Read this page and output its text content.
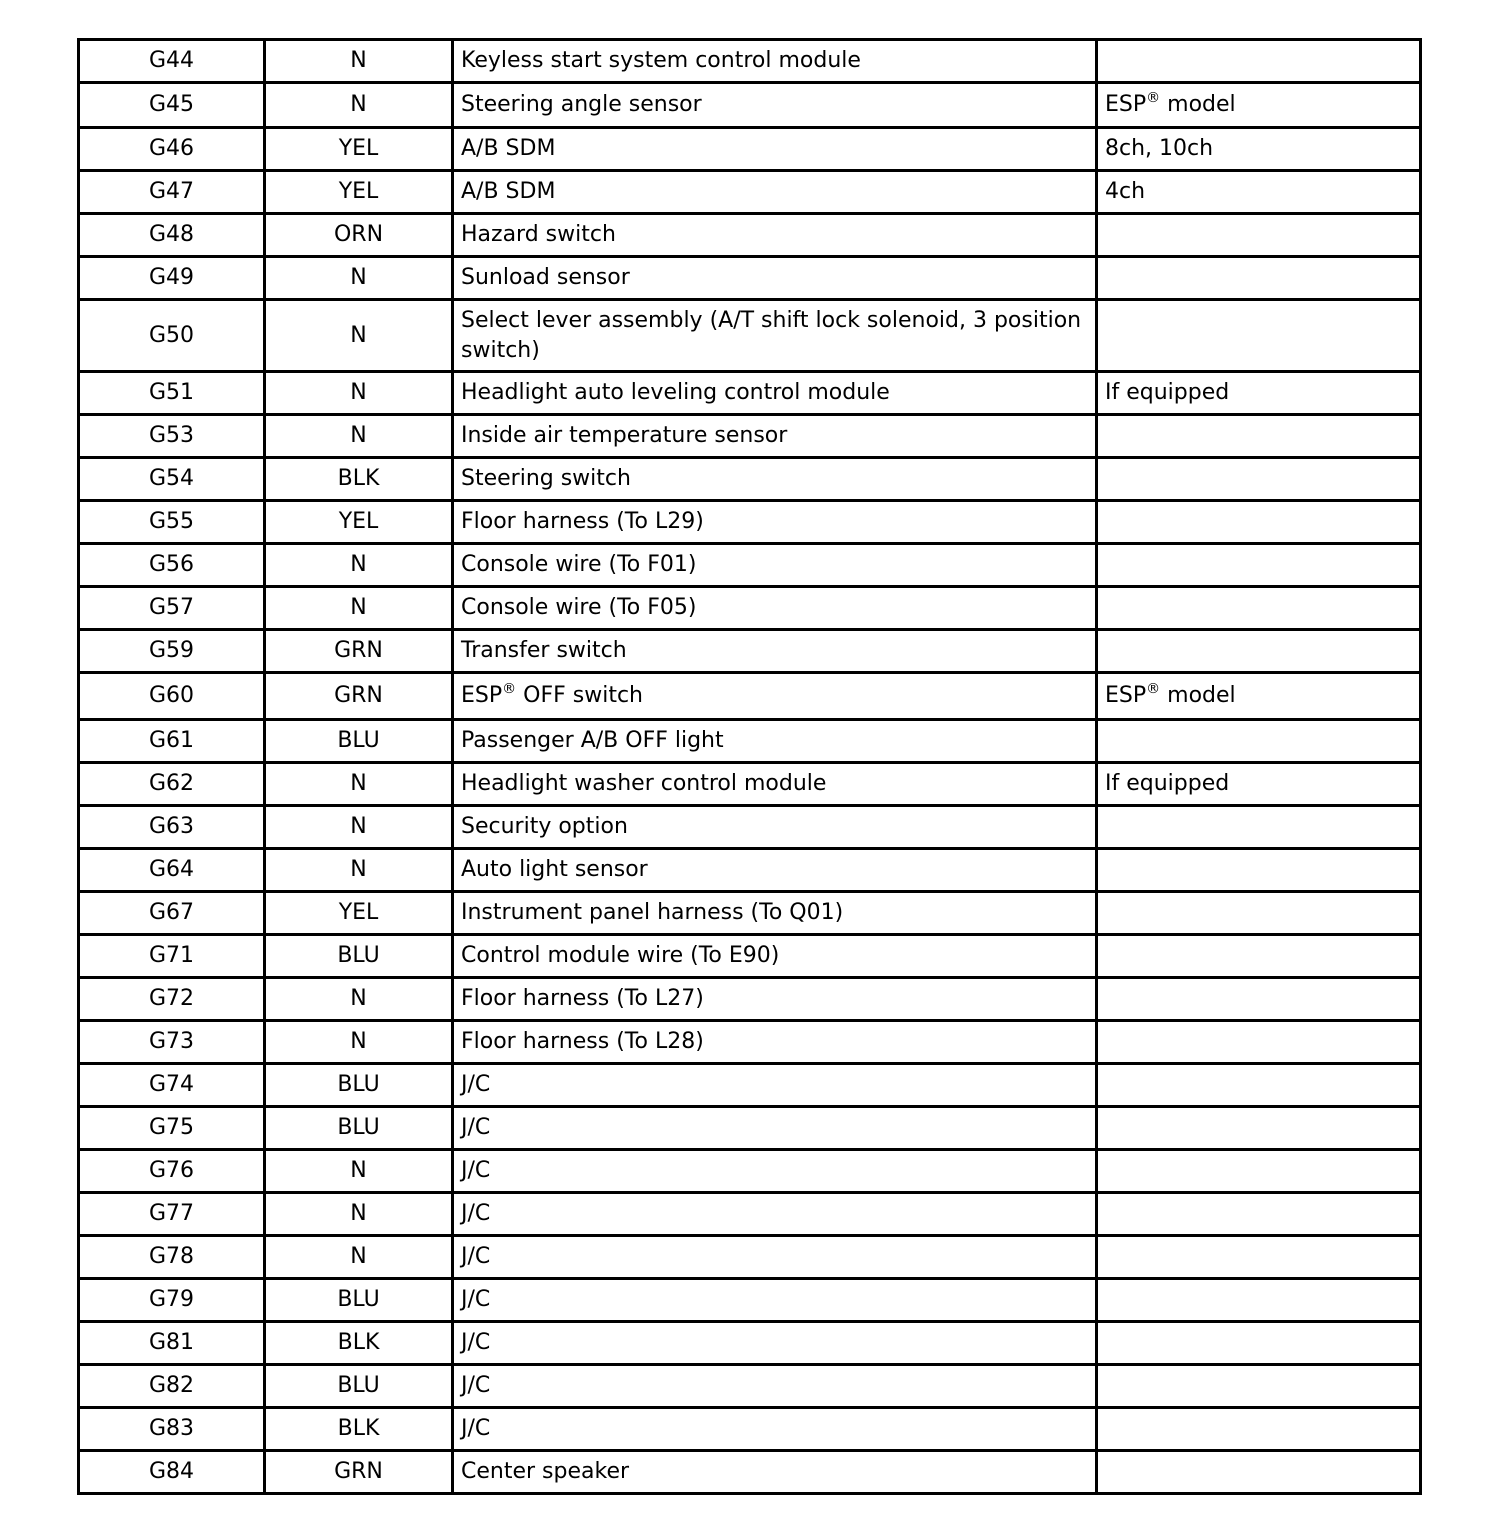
G44	N	Keyless start system control module	
G45	N	Steering angle sensor	ESP® model
G46	YEL	A/B SDM	8ch, 10ch
G47	YEL	A/B SDM	4ch
G48	ORN	Hazard switch	
G49	N	Sunload sensor	
G50	N	Select lever assembly (A/T shift lock solenoid, 3 position switch)	
G51	N	Headlight auto leveling control module	If equipped
G53	N	Inside air temperature sensor	
G54	BLK	Steering switch	
G55	YEL	Floor harness (To L29)	
G56	N	Console wire (To F01)	
G57	N	Console wire (To F05)	
G59	GRN	Transfer switch	
G60	GRN	ESP® OFF switch	ESP® model
G61	BLU	Passenger A/B OFF light	
G62	N	Headlight washer control module	If equipped
G63	N	Security option	
G64	N	Auto light sensor	
G67	YEL	Instrument panel harness (To Q01)	
G71	BLU	Control module wire (To E90)	
G72	N	Floor harness (To L27)	
G73	N	Floor harness (To L28)	
G74	BLU	J/C	
G75	BLU	J/C	
G76	N	J/C	
G77	N	J/C	
G78	N	J/C	
G79	BLU	J/C	
G81	BLK	J/C	
G82	BLU	J/C	
G83	BLK	J/C	
G84	GRN	Center speaker	
